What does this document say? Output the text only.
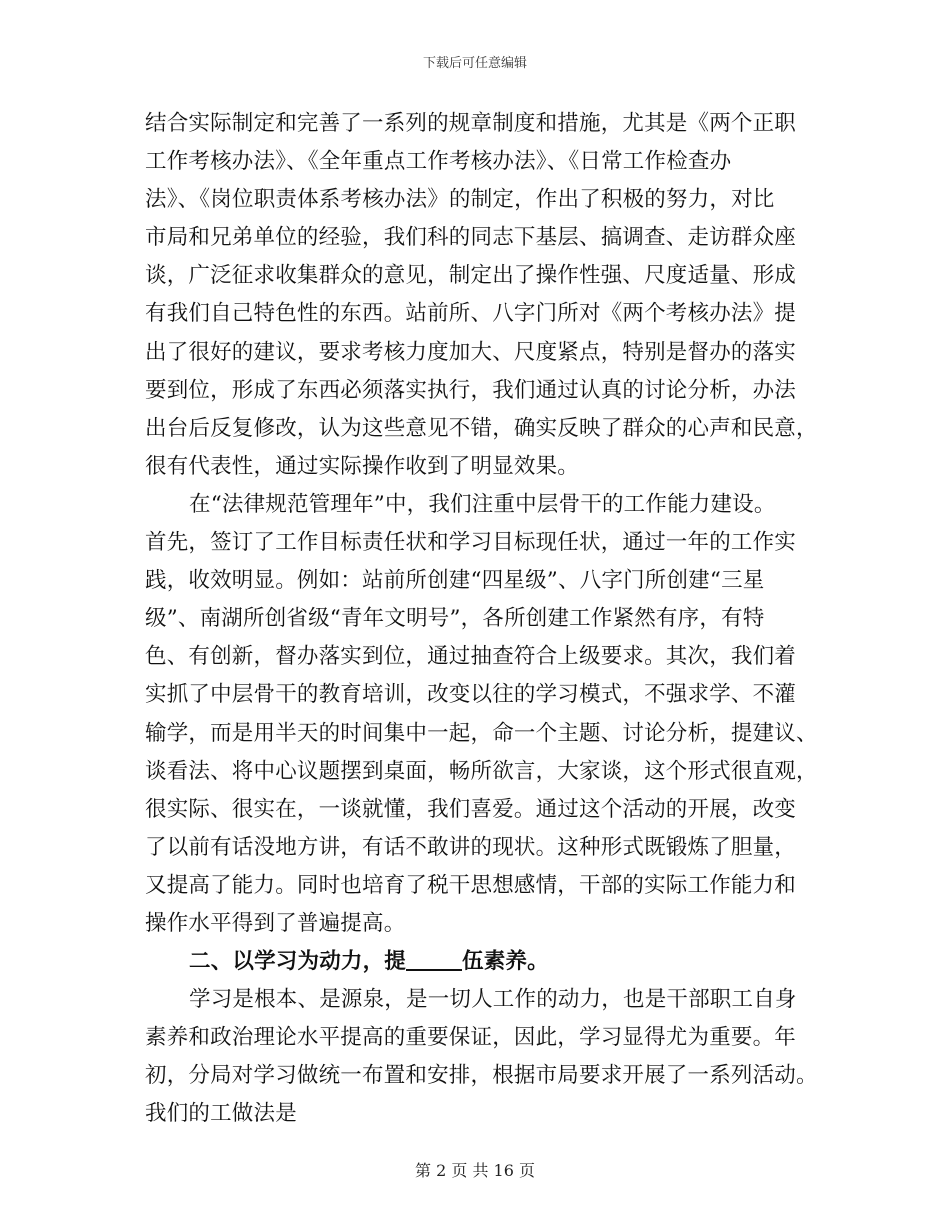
下载后可任意编辑
结合实际制定和完善了一系列的规章制度和措施，尤其是《两个正职
工作考核办法》、《全年重点工作考核办法》、《日常工作检查办
法》、《岗位职责体系考核办法》的制定，作出了积极的努力，对比
市局和兄弟单位的经验，我们科的同志下基层、搞调查、走访群众座
谈，广泛征求收集群众的意见，制定出了操作性强、尺度适量、形成
有我们自己特色性的东西。站前所、八字门所对《两个考核办法》提
出了很好的建议，要求考核力度加大、尺度紧点，特别是督办的落实
要到位，形成了东西必须落实执行，我们通过认真的讨论分析，办法
出台后反复修改，认为这些意见不错，确实反映了群众的心声和民意，
很有代表性，通过实际操作收到了明显效果。
在“法律规范管理年”中，我们注重中层骨干的工作能力建设。
首先，签订了工作目标责任状和学习目标现任状，通过一年的工作实
践，收效明显。例如：站前所创建“四星级”、八字门所创建“三星
级”、南湖所创省级“青年文明号”，各所创建工作紧然有序，有特
色、有创新，督办落实到位，通过抽查符合上级要求。其次，我们着
实抓了中层骨干的教育培训，改变以往的学习模式，不强求学、不灌
输学，而是用半天的时间集中一起，命一个主题、讨论分析，提建议、
谈看法、将中心议题摆到桌面，畅所欲言，大家谈，这个形式很直观，
很实际、很实在，一谈就懂，我们喜爱。通过这个活动的开展，改变
了以前有话没地方讲，有话不敢讲的现状。这种形式既锻炼了胆量，
又提高了能力。同时也培育了税干思想感情，干部的实际工作能力和
操作水平得到了普遍提高。
二、以学习为动力，提	伍素养。
学习是根本、是源泉，是一切人工作的动力，也是干部职工自身
素养和政治理论水平提高的重要保证，因此，学习显得尤为重要。年
初，分局对学习做统一布置和安排，根据市局要求开展了一系列活动。
我们的工做法是
第 2 页 共 16 页
